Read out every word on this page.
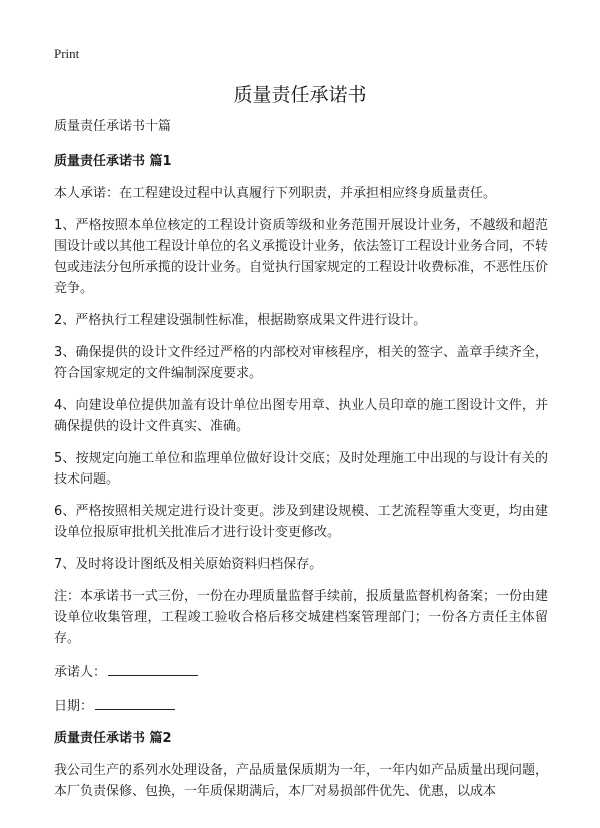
Print
质量责任承诺书

质量责任承诺书十篇

质量责任承诺书 篇1

本人承诺：在工程建设过程中认真履行下列职责，并承担相应终身质量责任。

1、严格按照本单位核定的工程设计资质等级和业务范围开展设计业务，不越级和超范围设计或以其他工程设计单位的名义承揽设计业务，依法签订工程设计业务合同，不转包或违法分包所承揽的设计业务。自觉执行国家规定的工程设计收费标准，不恶性压价竞争。

2、严格执行工程建设强制性标准，根据勘察成果文件进行设计。

3、确保提供的设计文件经过严格的内部校对审核程序，相关的签字、盖章手续齐全，符合国家规定的文件编制深度要求。

4、向建设单位提供加盖有设计单位出图专用章、执业人员印章的施工图设计文件，并确保提供的设计文件真实、准确。

5、按规定向施工单位和监理单位做好设计交底；及时处理施工中出现的与设计有关的技术问题。

6、严格按照相关规定进行设计变更。涉及到建设规模、工艺流程等重大变更，均由建设单位报原审批机关批准后才进行设计变更修改。

7、及时将设计图纸及相关原始资料归档保存。

注：本承诺书一式三份，一份在办理质量监督手续前，报质量监督机构备案；一份由建设单位收集管理，工程竣工验收合格后移交城建档案管理部门；一份各方责任主体留存。

承诺人：
日期：
质量责任承诺书 篇2

我公司生产的系列水处理设备，产品质量保质期为一年，一年内如产品质量出现问题，本厂负责保修、包换，一年质保期满后，本厂对易损部件优先、优惠，以成本
